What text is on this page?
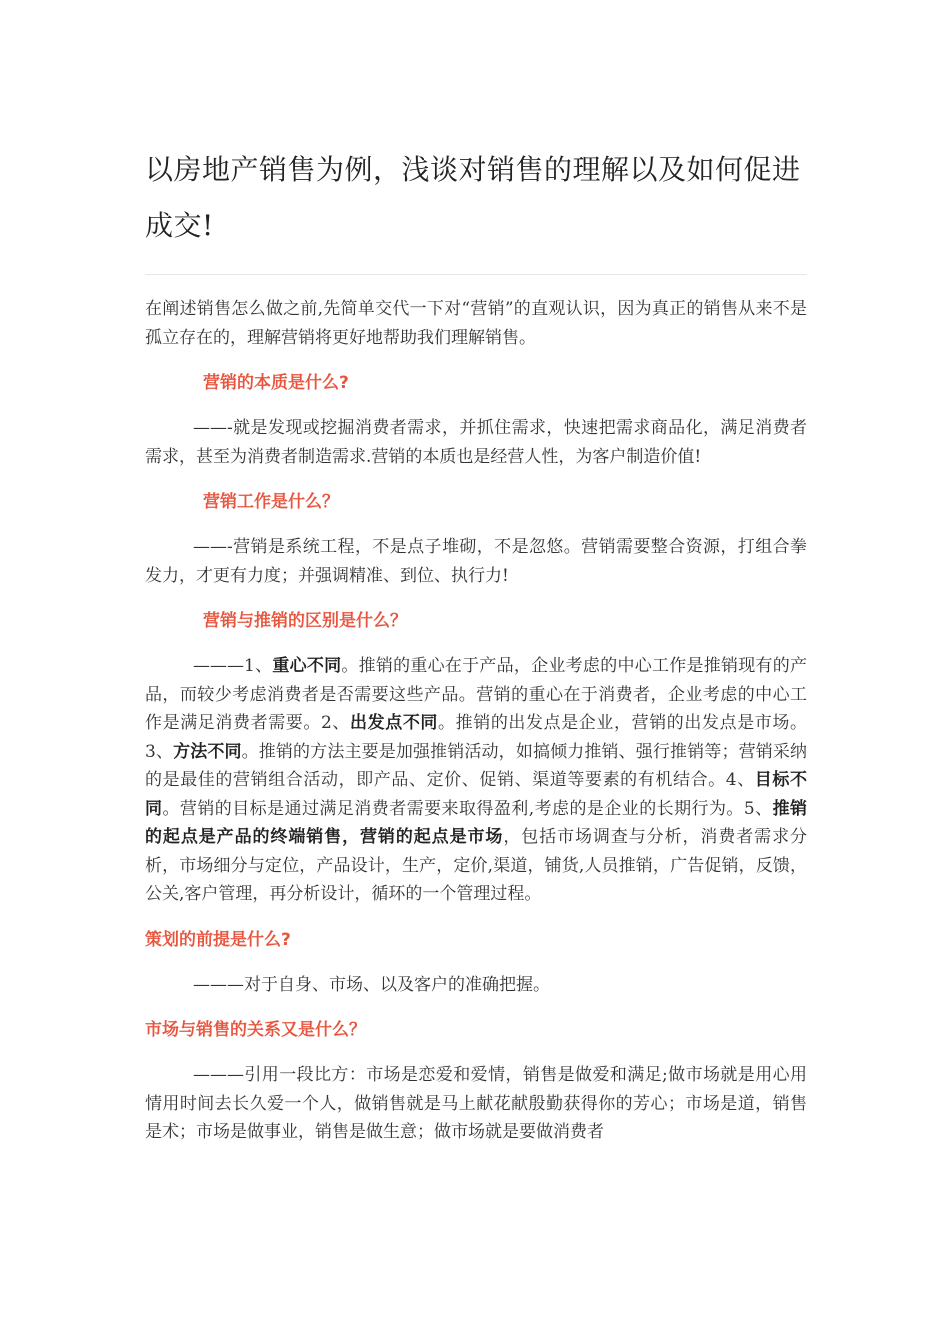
以房地产销售为例，浅谈对销售的理解以及如何促进成交!

在阐述销售怎么做之前,先简单交代一下对“营销”的直观认识，因为真正的销售从来不是孤立存在的，理解营销将更好地帮助我们理解销售。

营销的本质是什么?

——-就是发现或挖掘消费者需求，并抓住需求，快速把需求商品化，满足消费者需求，甚至为消费者制造需求.营销的本质也是经营人性，为客户制造价值!

营销工作是什么？

——-营销是系统工程，不是点子堆砌，不是忽悠。营销需要整合资源，打组合拳发力，才更有力度；并强调精准、到位、执行力!

营销与推销的区别是什么？

———1、重心不同。推销的重心在于产品，企业考虑的中心工作是推销现有的产品，而较少考虑消费者是否需要这些产品。营销的重心在于消费者，企业考虑的中心工作是满足消费者需要。2、出发点不同。推销的出发点是企业，营销的出发点是市场。3、方法不同。推销的方法主要是加强推销活动，如搞倾力推销、强行推销等；营销采纳的是最佳的营销组合活动，即产品、定价、促销、渠道等要素的有机结合。4、目标不同。营销的目标是通过满足消费者需要来取得盈利,考虑的是企业的长期行为。5、推销的起点是产品的终端销售，营销的起点是市场，包括市场调查与分析，消费者需求分析，市场细分与定位，产品设计，生产，定价,渠道，铺货,人员推销，广告促销，反馈，公关,客户管理，再分析设计，循环的一个管理过程。

策划的前提是什么?

———对于自身、市场、以及客户的准确把握。

市场与销售的关系又是什么？

———引用一段比方：市场是恋爱和爱情，销售是做爱和满足;做市场就是用心用情用时间去长久爱一个人，做销售就是马上献花献殷勤获得你的芳心；市场是道，销售是术；市场是做事业，销售是做生意；做市场就是要做消费者
